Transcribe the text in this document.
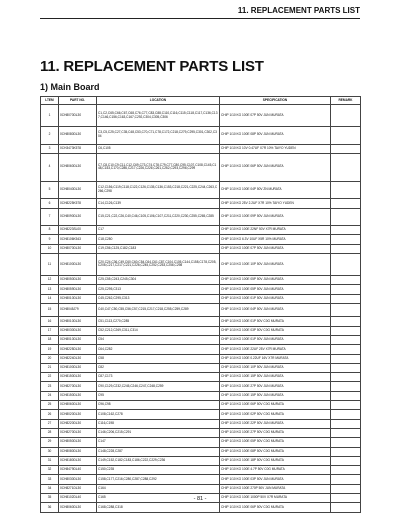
11. REPLACEMENT PARTS LIST
11. REPLACEMENT PARTS LIST
1) Main Board
LTEM	PART NO.	LOCATION	SPECIFICATION	REMARK
1	0CH8070DL30	C1,C2,C65,C66,C67,C68,C76,C77,C83,C88,C110,C116,C115,C118,C117,C136,C137,C146,C156,C163,C167,C292,C304,C305,C306	CHIP 1/10 KG 100E 07P 50V JUN MURATA	
2	0CH8080DL30	C3,C5,C25,C27,C35,C48,C53,C70,C71,C78,C172,C218,C279,C295,C301,C302,C304	CHIP 1/10 KG 100E 08P 50V JUN MURATA	
3	0CH3473K578	C6,C105	CHIP 1/10 KG 10V 0.47UF X7R 10% TAIYO YUDEN	
4	0CH8060DL30	C7,C8,C10,C9,C11,C12,C69,C73,C74,C78,C79,C77,C80,C95,C107,C108,C145,C148,C153,C170,C286,C217,C226,C226,C261,C262,C293,C296,C299	CHIP 1/10 KG 100E 06P 50V JUN MURATA	
5	0CH8040DL30	C12,C156,C119,C118,C122,C126,C135,C136,C153,C218,C221,C225,C244,C263,C266,C298	CHIP 1/10 KG 100E 04P 50V ZN MURATA	
6	0CH8225K578	C14,C126,C139	CHIP 1/10 KG 25V 2.2UF X7R 10% TAIYO YUDEN	
7	0CH8090DL30	C15,C21,C22,C26,C40,C46,C105,C106,C107,C211,C220,C230,C255,C265,C285	CHIP 1/10 KG 100E 09P 50V JUN MURATA	
8	0CH8223SL00	C17	CHIP 1/10 KG 100E 22NF 50V X7R MURATA	
9	0CH8106K543	C18,C280	CHIP 1/10 KG 6.3V 10UF X5R 10% MURATA	
10	0CH8070DL30	C19,C56,C125,C182,C183	CHIP 1/10 KG 100E 07P 50V JUN MURATA	
11	0CH8100DL30	C20,C24,C36,C49,C60,C60,C54,C64,C61,C87,C104,C105,C144,C158,C178,C205,C206,C217,C217,C221,C226,C245,C252,C253,C256,C298	CHIP 1/10 KG 100E 10P 50V JUN MURATA	
12	0CH8050DL30	C25,C55,C243,C245,C304	CHIP 1/10 KG 100E 05P 50V JUN MURATA	
13	0CH8059DL30	C25,C295,C313	CHIP 1/10 KG 100E 05P 50V JUN MURATA	
14	0CH8010DL30	C45,C262,C295,C313	CHIP 1/10 KG 100E 01P 50V JUN MURATA	
15	0CH8045J79	C40,C47,C50,C55,C56,C57,C215,C217,C218,C255,C259,C289	CHIP 1/10 KG 100E 04P 50V JUN MURATA	
16	0CH8010DL30	C51,C113,C270,C285	CHIP 1/10 KG 100E 01P 50V C0G MURATA	
17	0CH8030DL30	C52,C212,C269,C311,C314	CHIP 1/10 KG 100E 03P 50V C0G MURATA	
18	0CH8010DL30	C54	CHIP 1/10 KG 100E 01P 50V JUN MURATA	
19	0CH8225DL30	C64,C282	CHIP 1/10 KG 100E 22UF 25V X7R MURATA	
20	0CH8224DL30	C58	CHIP 1/10 KG 100E 0.22UF 16V X7R MURATA	
21	0CH8100DL30	C82	CHIP 1/10 KG 100E 10P 50V JUN MURATA	
22	0CH8150DL30	C87,C173	CHIP 1/10 KG 100E 15P 50V JUN MURATA	
23	0CH8270DL30	C90,C129,C232,C245,C246,C247,C248,C259	CHIP 1/10 KG 100E 27P 50V JUN MURATA	
24	0CH8150DL30	C95	CHIP 1/10 KG 100E 15P 50V JUN MURATA	
25	0CH8060DL30	C96,C98	CHIP 1/10 KG 100E 06P 50V C0G MURATA	
26	0CH8020DL30	C108,C162,C278	CHIP 1/10 KG 100E 02P 50V C0G MURATA	
27	0CH8220DL30	C116,C198	CHIP 1/10 KG 100E 22P 50V JUN MURATA	
28	0CH8270DL30	C146,C206,C215,C291	CHIP 1/10 KG 100E 27P 50V C0G MURATA	
29	0CH8050DL30	C147	CHIP 1/10 KG 100E 05P 50V C0G MURATA	
30	0CH8080DL30	C148,C228,C287	CHIP 1/10 KG 100E 08P 50V C0G MURATA	
31	0CH8180DL30	C149,C152,C182,C183,C186,C222,C229,C236	CHIP 1/10 KG 100E 18P 50V C0G MURATA	
32	0CH8479DL40	C150,C235	CHIP 1/10 KG 100E 4.7P 50V C0G MURATA	
33	0CH8030DL30	C158,C177,C216,C280,C287,C288,C292	CHIP 1/10 KG 100E 03P 50V JUN MURATA	
34	0CH8271DL30	C164	CHIP 1/10 KG 100E 270P 50V JUN MURATA	
35	0CH8102DL40	C165	CHIP 1/10 KG 100E 1000P 50V X7R MURATA	
36	0CH8060DL30	C168,C288,C318	CHIP 1/10 KG 100E 06P 50V C0G MURATA	
- 81 -
